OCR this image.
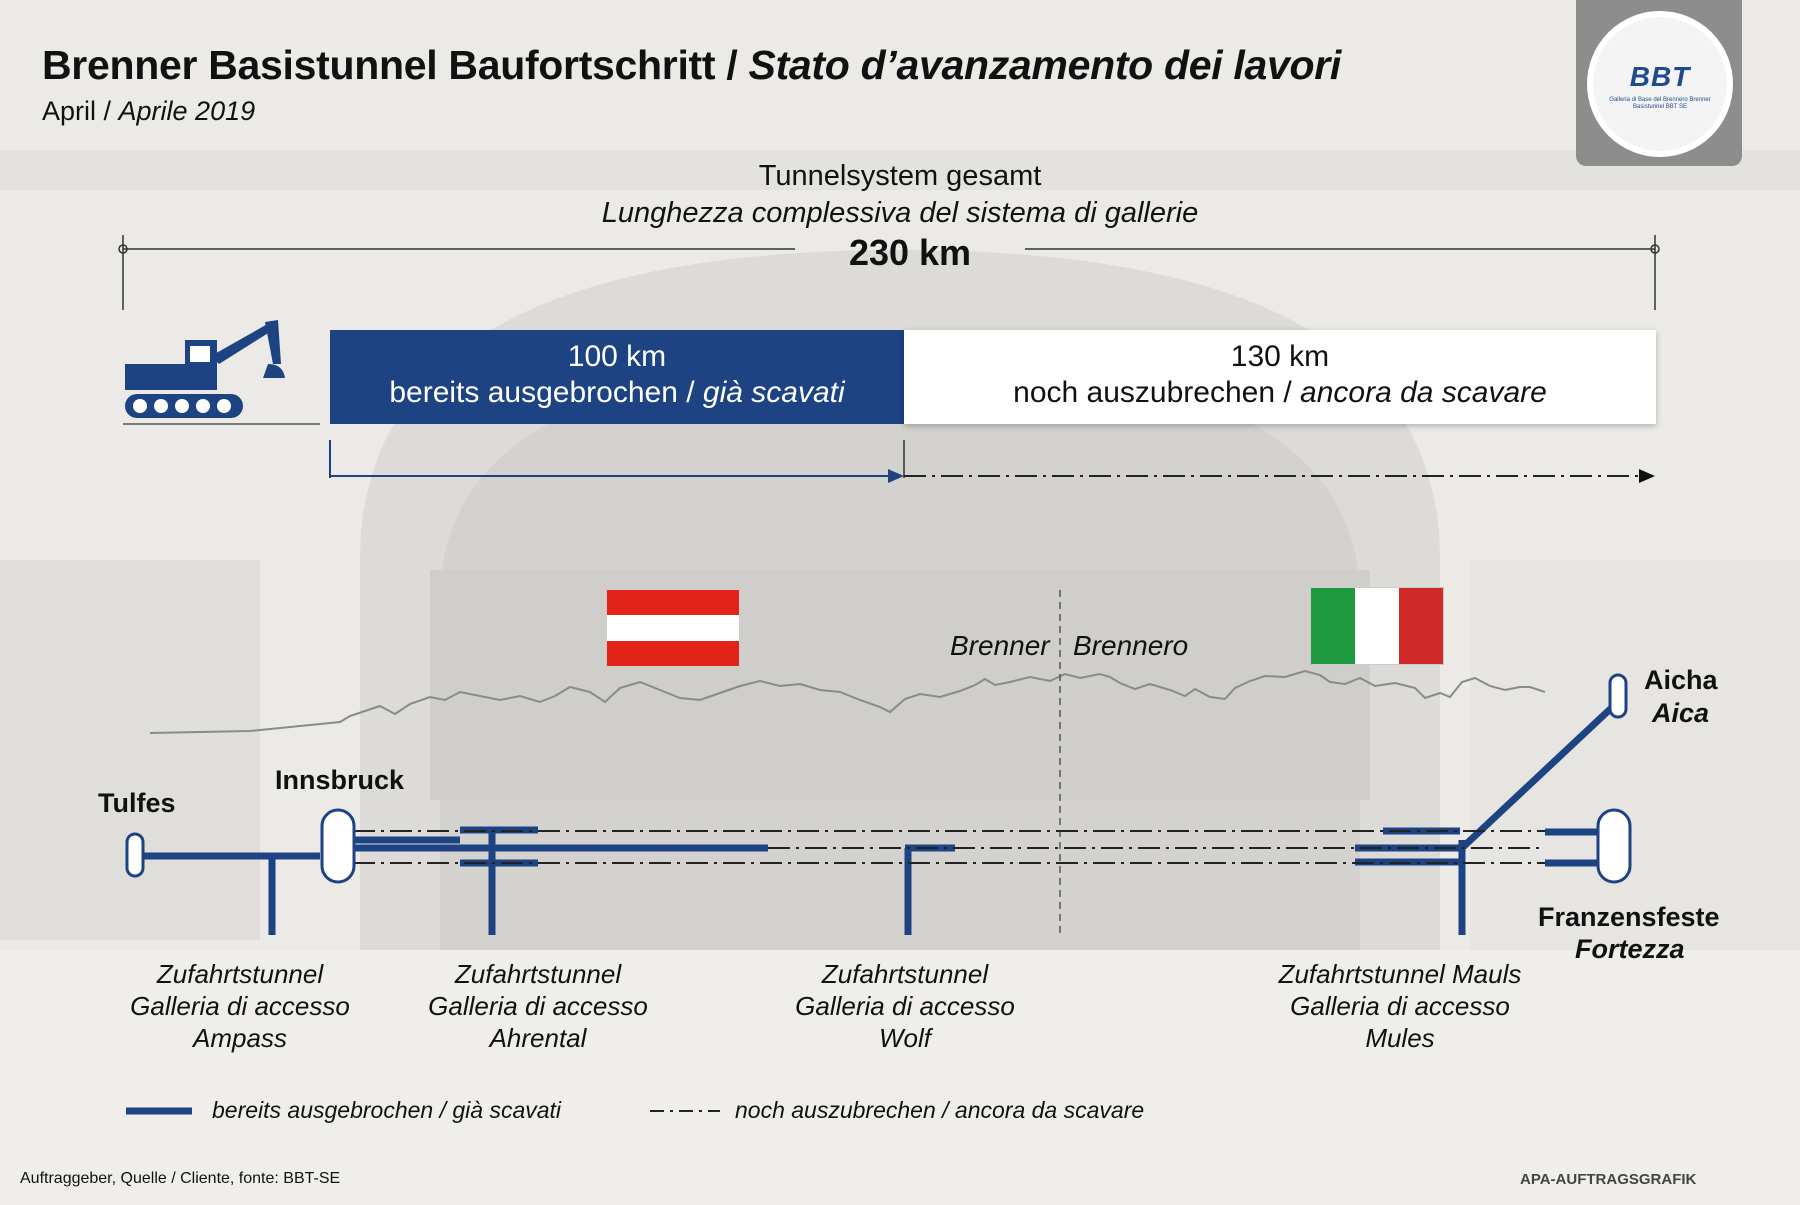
Brenner Basistunnel Baufortschritt / Stato d’avanzamento dei lavori
April / Aprile 2019
BBT
Galleria di Base del Brennero Brenner Basistunnel BBT SE
Tunnelsystem gesamt
Lunghezza complessiva del sistema di gallerie
230 km
100 km
bereits ausgebrochen / già scavati
130 km
noch auszubrechen / ancora da scavare
Brenner Brennero
Tulfes
Innsbruck
Aicha
Aica
Franzensfeste
Fortezza
Zufahrtstunnel
Galleria di accesso
Ampass
Zufahrtstunnel
Galleria di accesso
Ahrental
Zufahrtstunnel
Galleria di accesso
Wolf
Zufahrtstunnel Mauls
Galleria di accesso
Mules
bereits ausgebrochen / già scavati	noch auszubrechen / ancora da scavare
Auftraggeber, Quelle / Cliente, fonte: BBT-SE	APA-AUFTRAGSGRAFIK
